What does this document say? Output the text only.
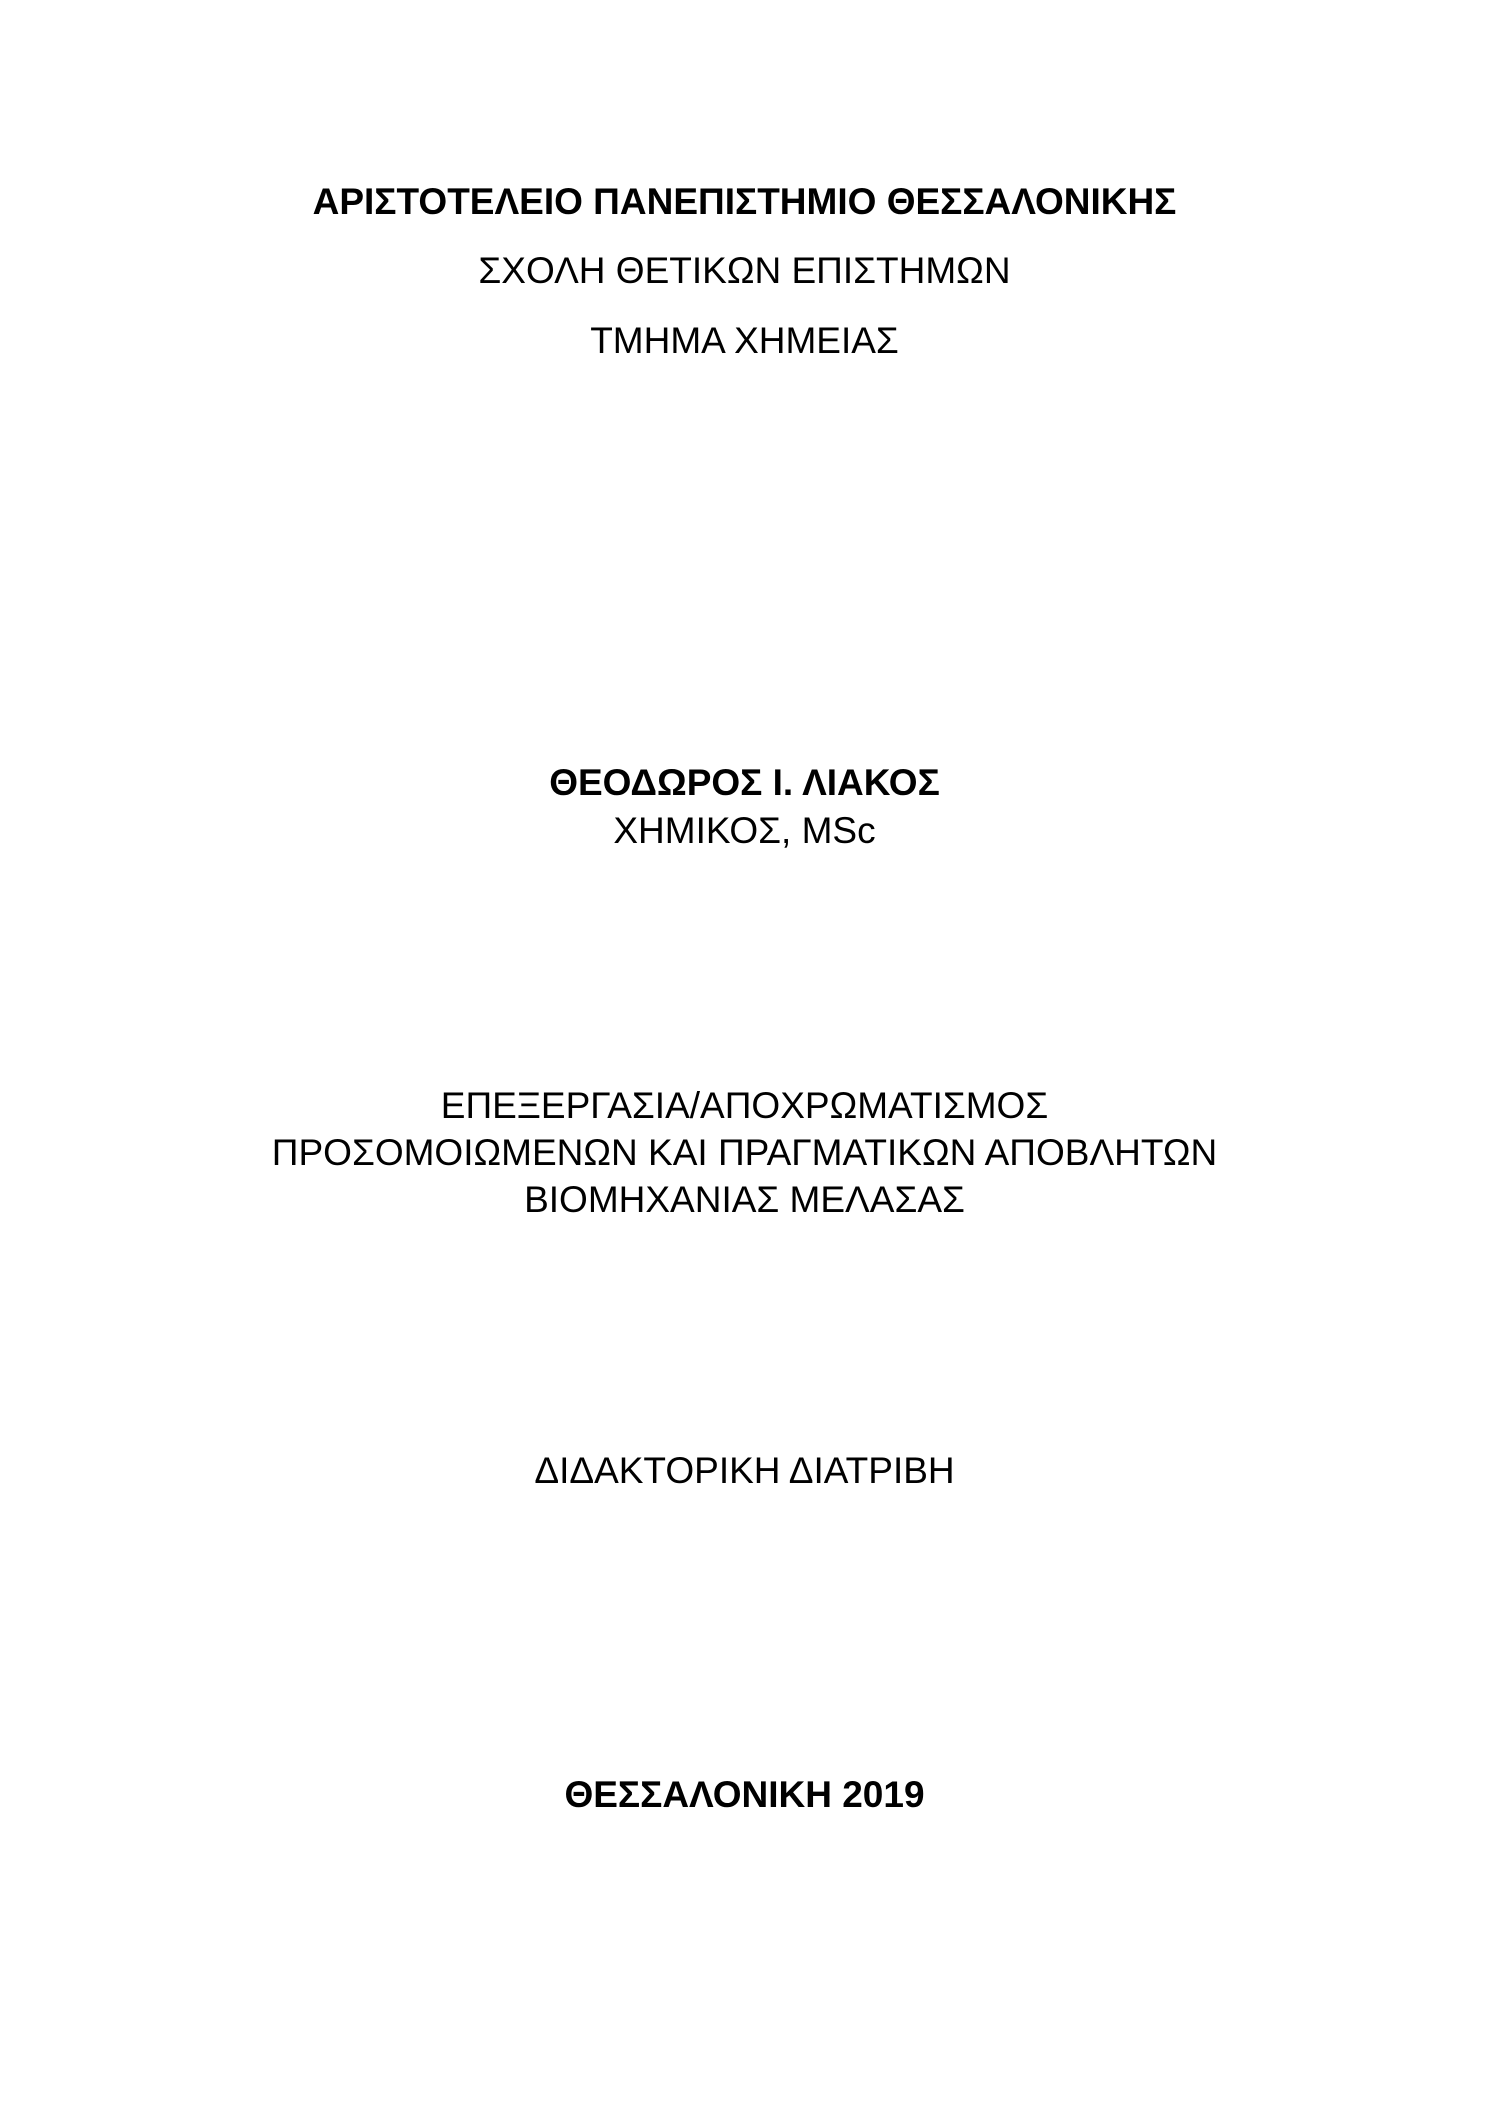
ΑΡΙΣΤΟΤΕΛΕΙΟ ΠΑΝΕΠΙΣΤΗΜΙΟ ΘΕΣΣΑΛΟΝΙΚΗΣ
ΣΧΟΛΗ ΘΕΤΙΚΩΝ ΕΠΙΣΤΗΜΩΝ
ΤΜΗΜΑ ΧΗΜΕΙΑΣ
ΘΕΟΔΩΡΟΣ Ι. ΛΙΑΚΟΣ
ΧΗΜΙΚΟΣ, MSc
ΕΠΕΞΕΡΓΑΣΙΑ/ΑΠΟΧΡΩΜΑΤΙΣΜΟΣ
ΠΡΟΣΟΜΟΙΩΜΕΝΩΝ ΚΑΙ ΠΡΑΓΜΑΤΙΚΩΝ ΑΠΟΒΛΗΤΩΝ
ΒΙΟΜΗΧΑΝΙΑΣ ΜΕΛΑΣΑΣ
ΔΙΔΑΚΤΟΡΙΚΗ ΔΙΑΤΡΙΒΗ
ΘΕΣΣΑΛΟΝΙΚΗ 2019
